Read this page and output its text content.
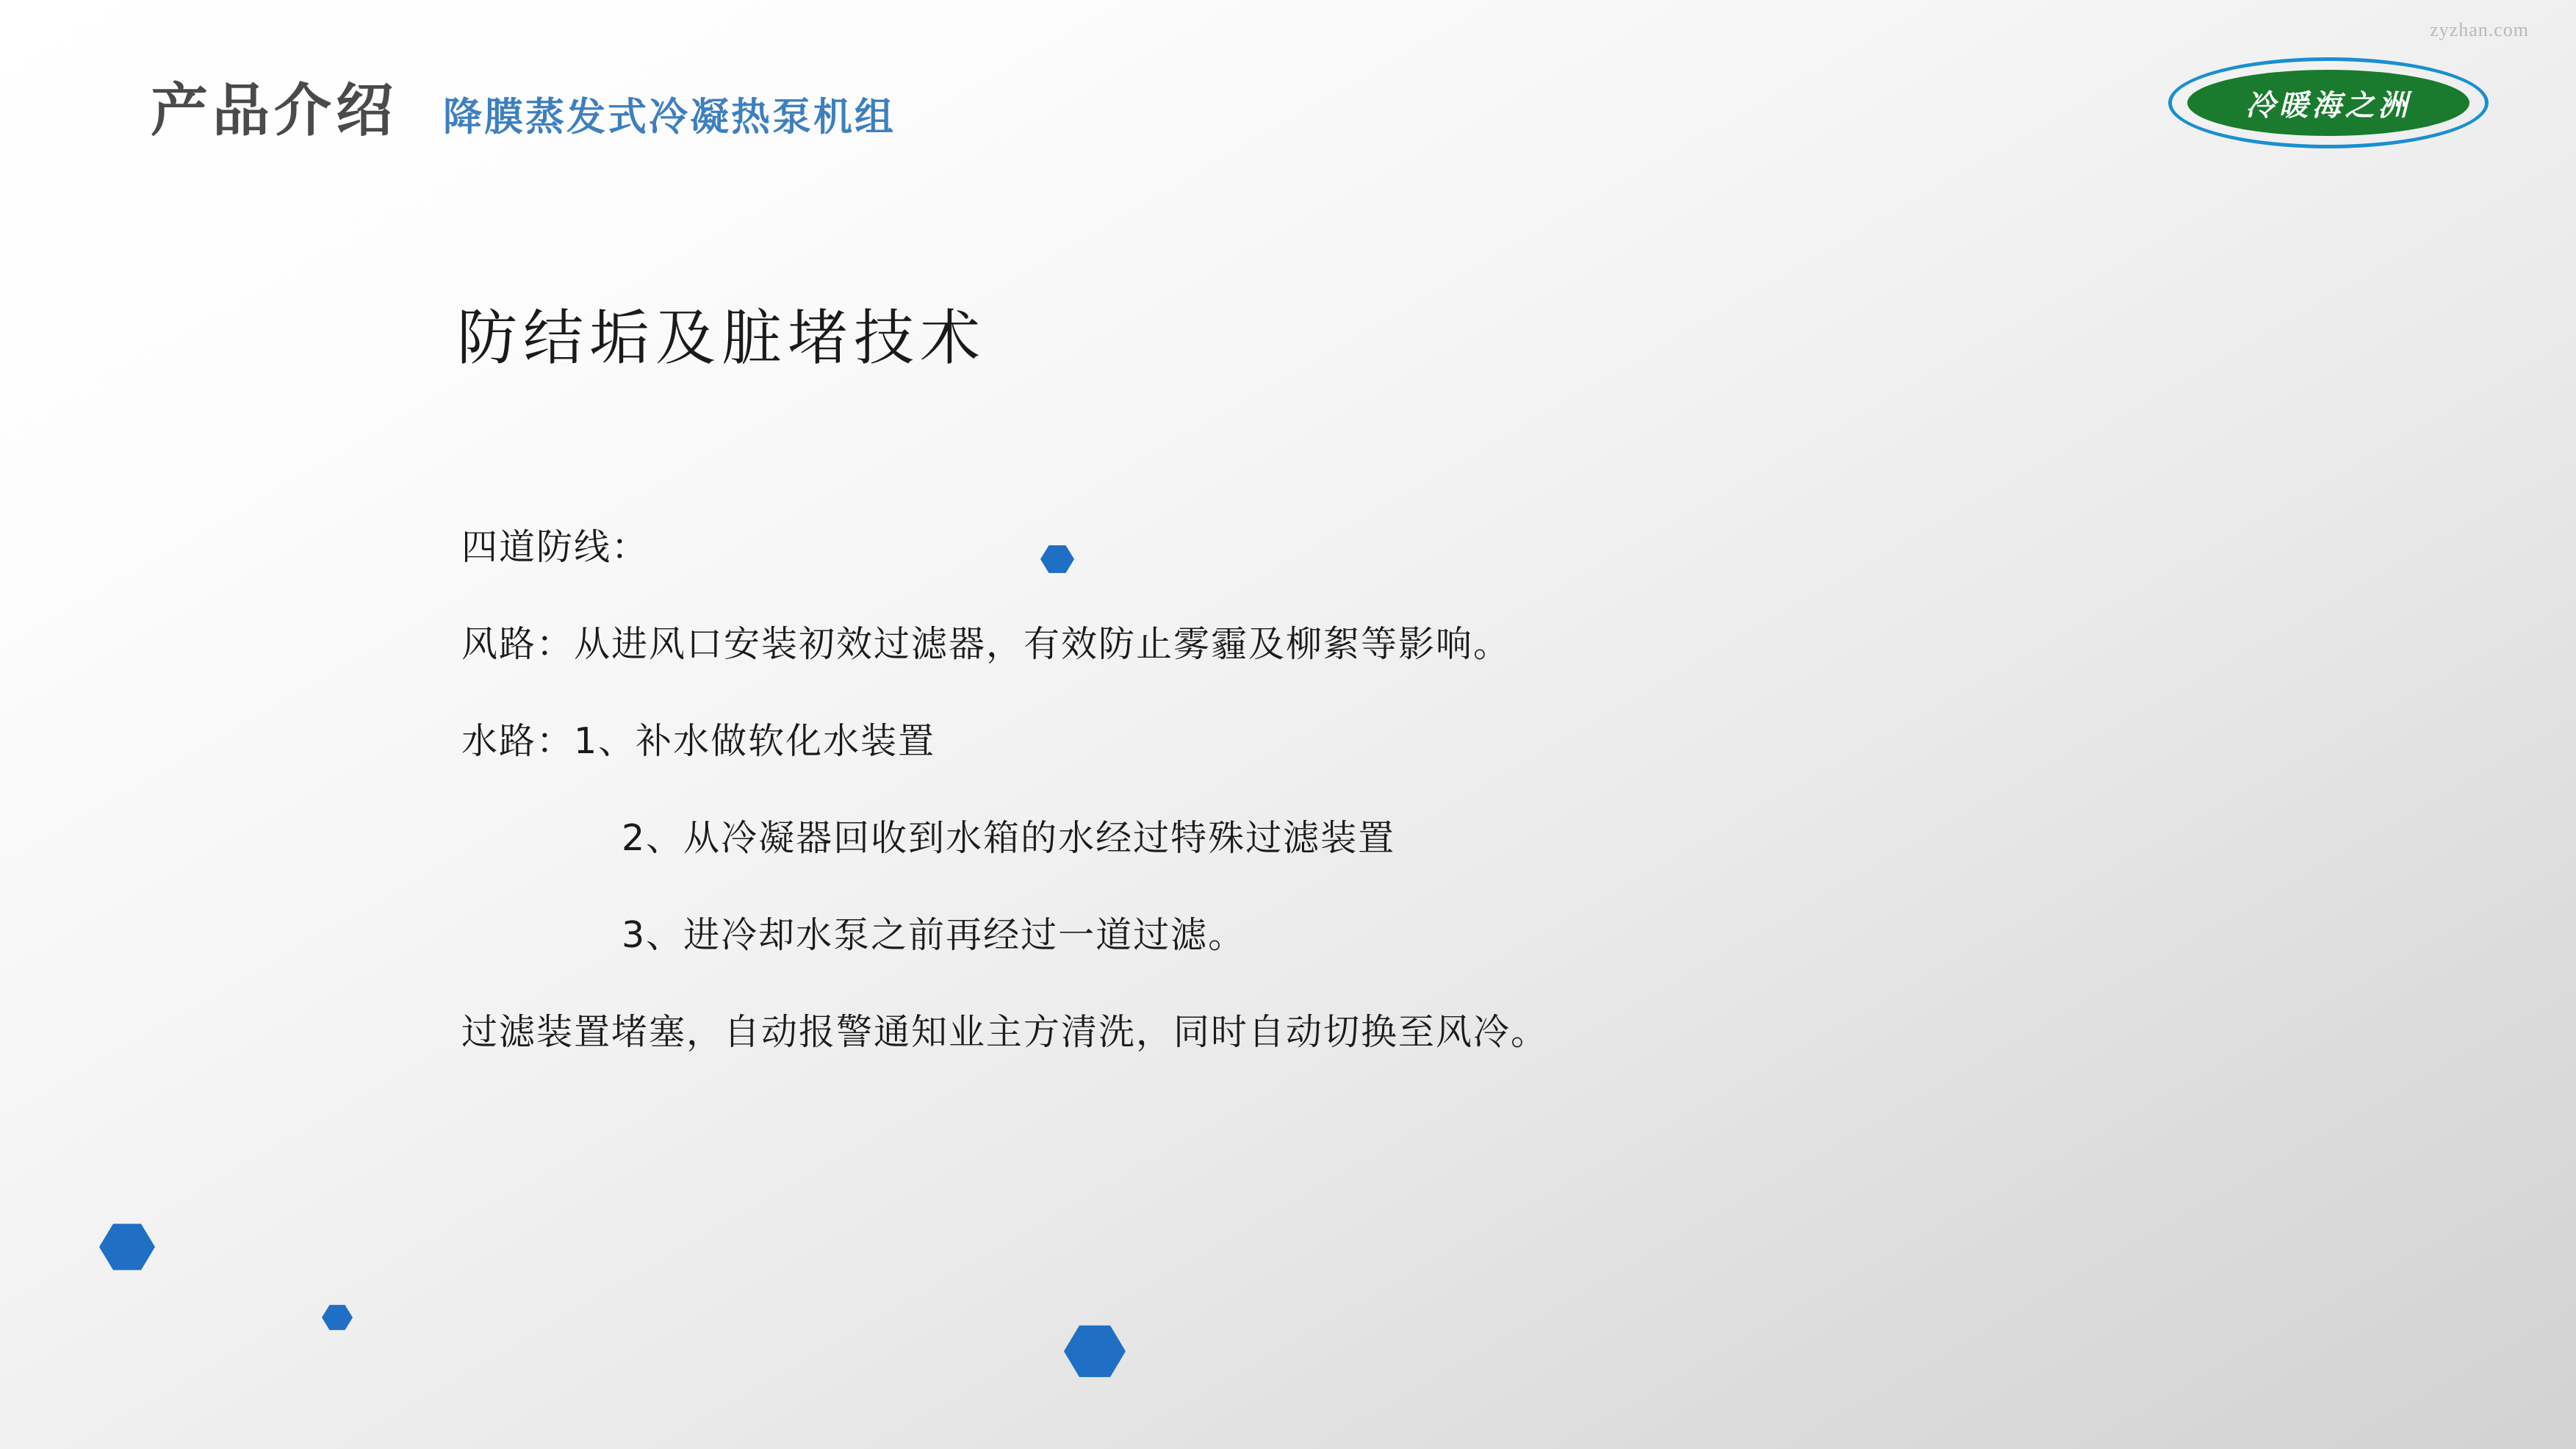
zyzhan.com
产品介绍 降膜蒸发式冷凝热泵机组	冷暖海之洲
防结垢及脏堵技术
四道防线：
风路：从进风口安装初效过滤器，有效防止雾霾及柳絮等影响。
水路：1、补水做软化水装置
2、从冷凝器回收到水箱的水经过特殊过滤装置
3、进冷却水泵之前再经过一道过滤。
过滤装置堵塞，自动报警通知业主方清洗，同时自动切换至风冷。
